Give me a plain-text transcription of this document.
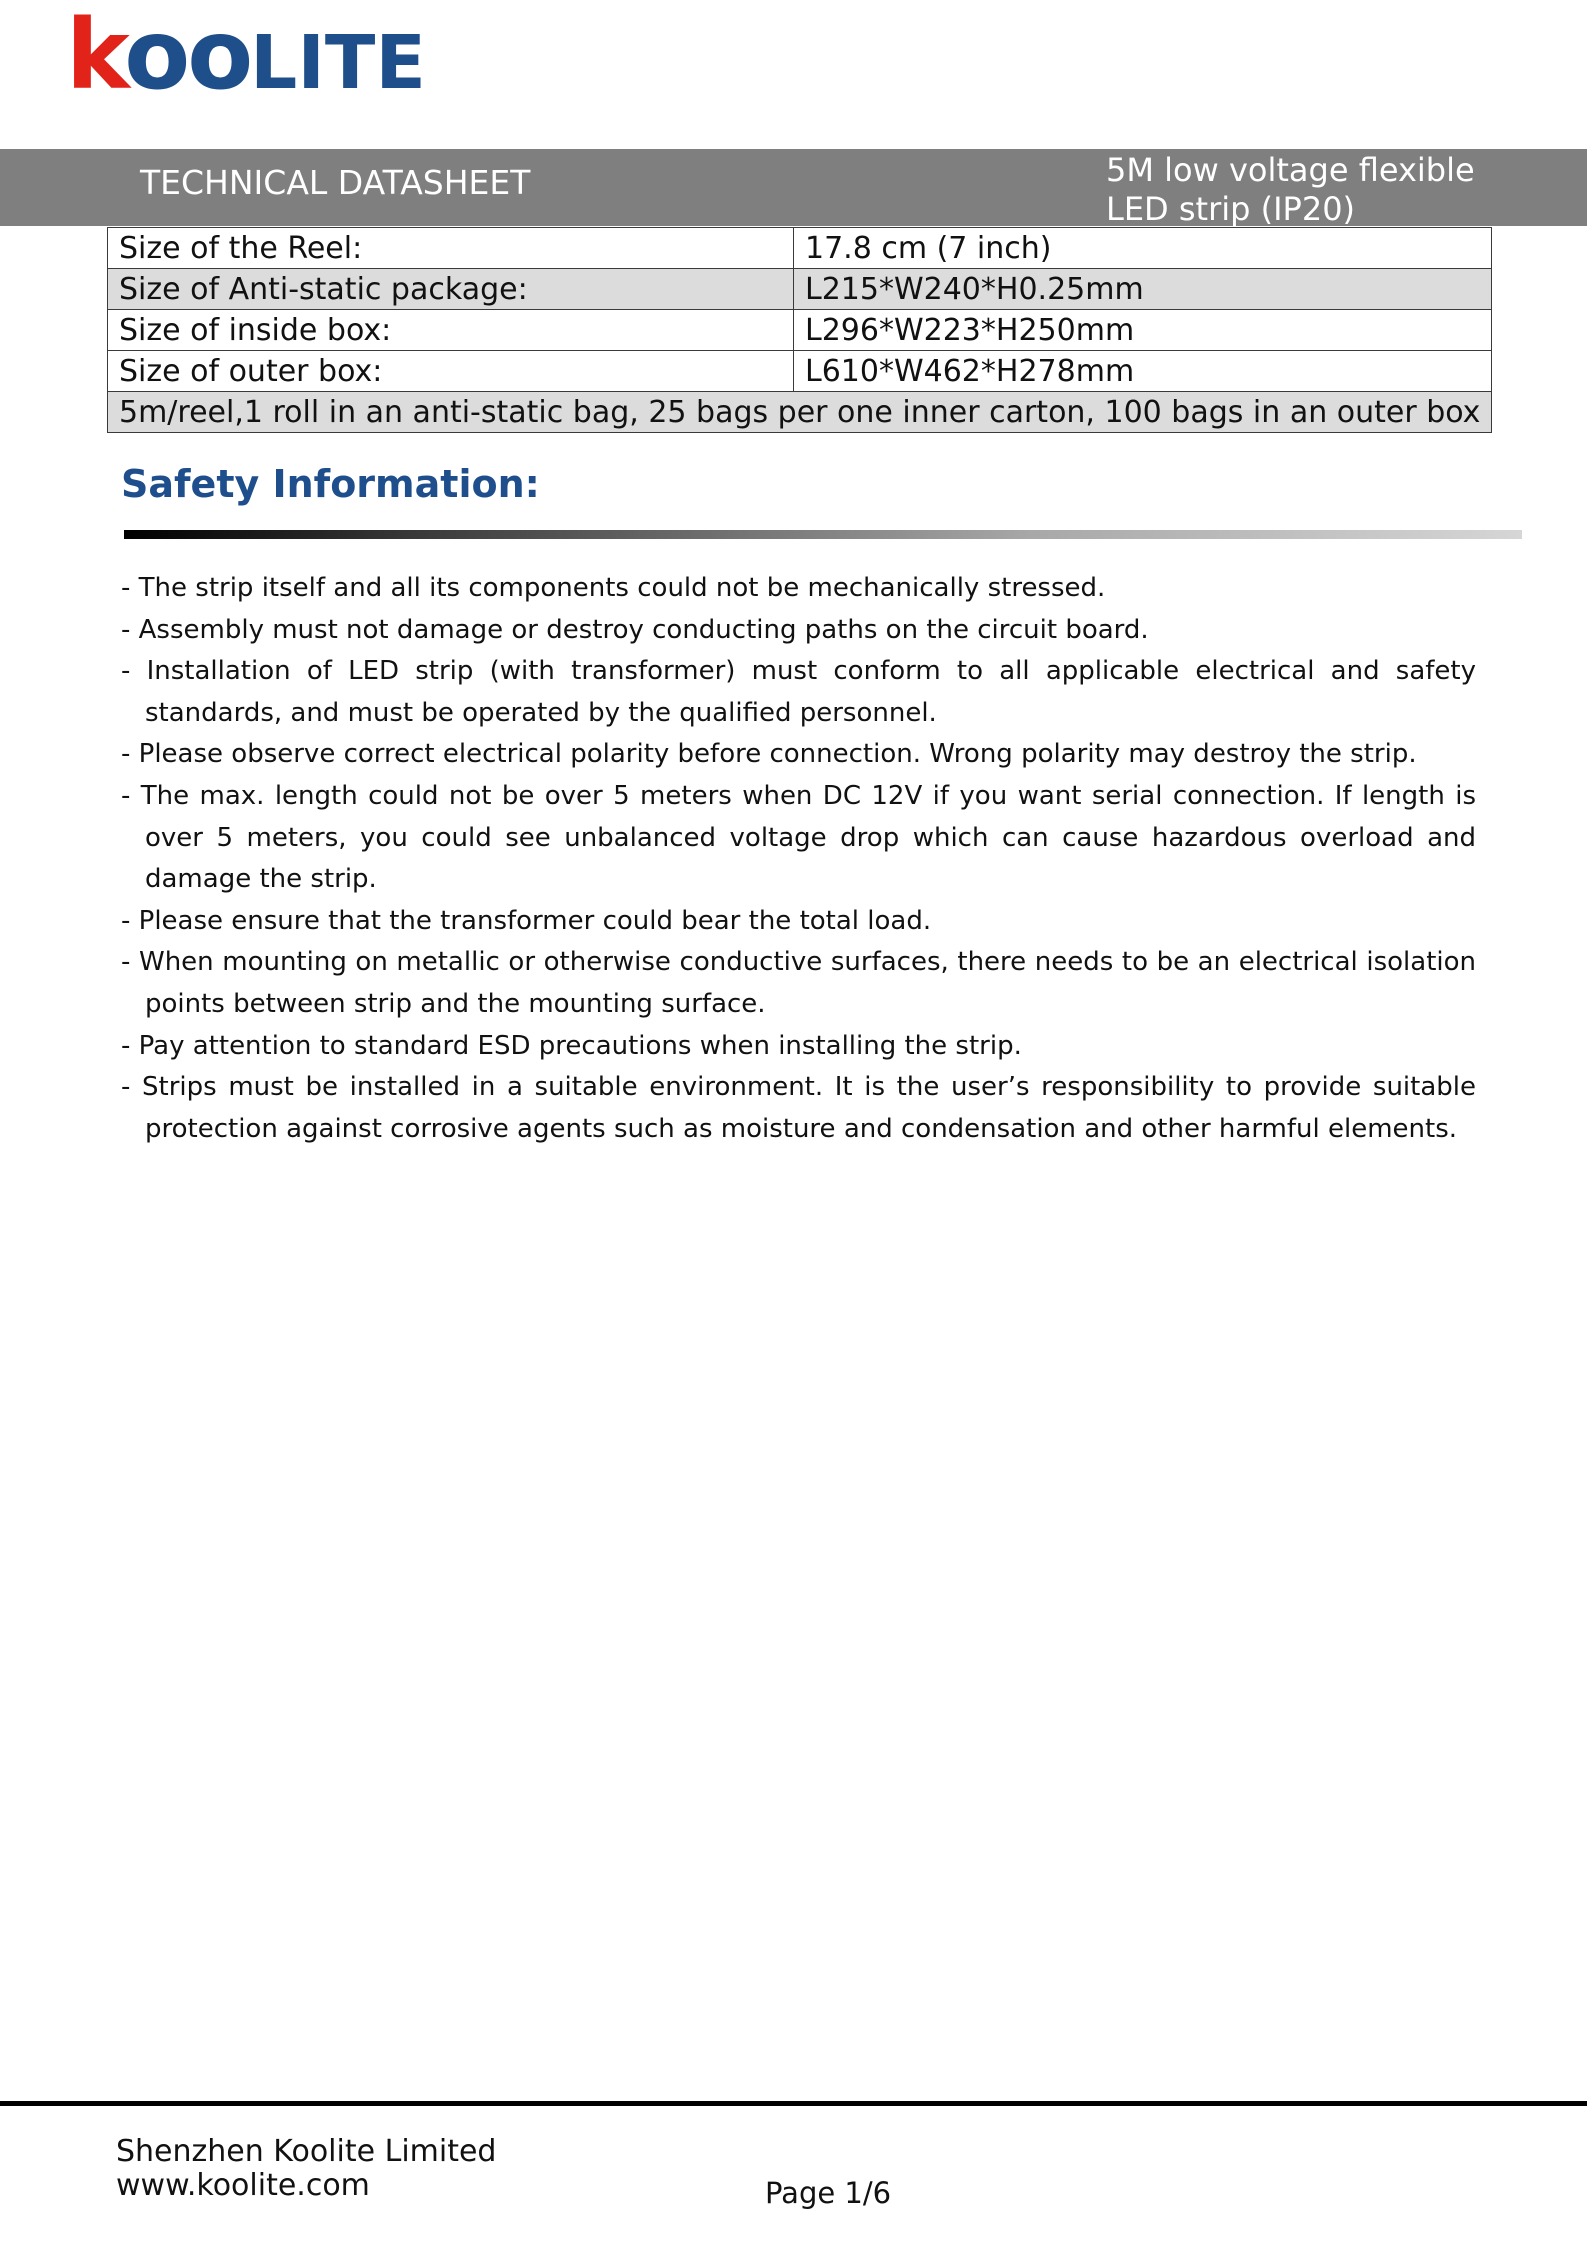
kooLITE
TECHNICAL DATASHEET	5M low voltage flexible
LED strip (IP20)
Size of the Reel:	17.8 cm (7 inch)
Size of Anti-static package:	L215*W240*H0.25mm
Size of inside box:	L296*W223*H250mm
Size of outer box:	L610*W462*H278mm
5m/reel,1 roll in an anti-static bag, 25 bags per one inner carton, 100 bags in an outer box	
Safety Information:
- The strip itself and all its components could not be mechanically stressed.
- Assembly must not damage or destroy conducting paths on the circuit board.
- Installation of LED strip (with transformer) must conform to all applicable electrical and safety standards, and must be operated by the qualified personnel.
- Please observe correct electrical polarity before connection. Wrong polarity may destroy the strip.
- The max. length could not be over 5 meters when DC 12V if you want serial connection. If length is over 5 meters, you could see unbalanced voltage drop which can cause hazardous overload and damage the strip.
- Please ensure that the transformer could bear the total load.
- When mounting on metallic or otherwise conductive surfaces, there needs to be an electrical isolation points between strip and the mounting surface.
- Pay attention to standard ESD precautions when installing the strip.
- Strips must be installed in a suitable environment. It is the user’s responsibility to provide suitable protection against corrosive agents such as moisture and condensation and other harmful elements.
Shenzhen Koolite Limited
www.koolite.com	Page 1/6
